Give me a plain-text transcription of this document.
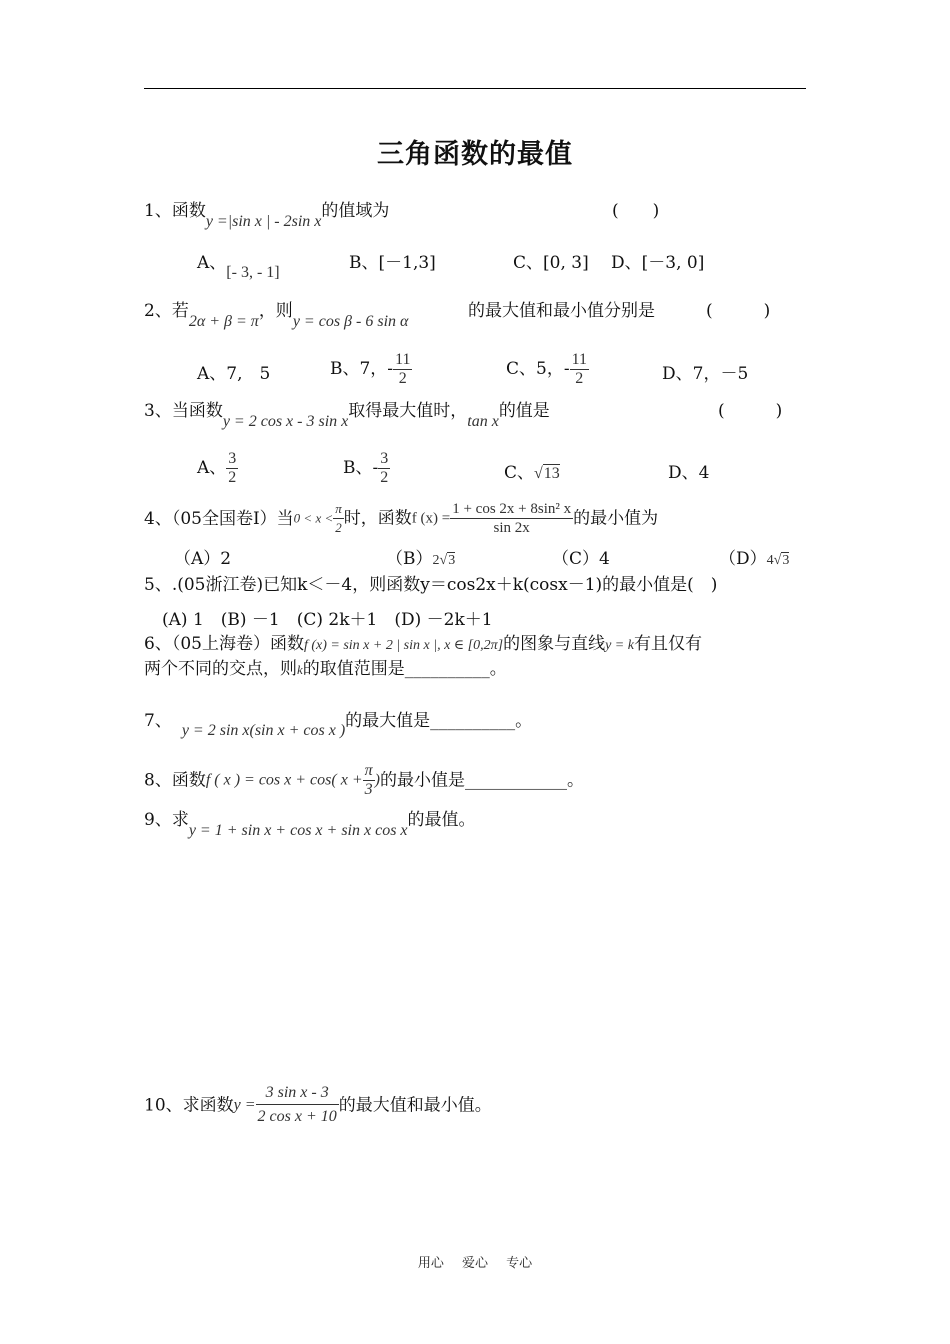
三角函数的最值
1、函数y =|sin x | - 2sin x的值域为	(　　)
A、[- 3, - 1]	B、[－1,3]	C、[0, 3] D、[－3, 0]
2、若2α + β = π，则y = cos β - 6 sin α
的最大值和最小值分别是	(　　　)
A、7,　5	B、7，- $\frac{11}{2}$	C、5，- $\frac{11}{2}$	D、7，－5
3、当函数y = 2 cos x - 3 sin x取得最大值时，tan x的值是	(　　　)
A、 $\frac{3}{2}$	B、- $\frac{3}{2}$	C、√13	D、4
4、（05全国卷Ⅰ）当$0 < x < \frac{\pi}{2}$ 时，函数f $(x) = \frac{\text{1 + cos 2x + 8sin² x}}{\sin 2x}$ 的最小值为
（A）2	（B）2√3	（C）4	（D）4√3
5、.(05浙江卷)已知k＜－4，则函数y＝cos2x＋k(cosx－1)的最小值是(　)
(A) 1　(B) －1　(C) 2k＋1　(D) －2k＋1
6、（05上海卷）函数f (x) = sin x + 2 | sin x |, x ∈ [0,2π]的图象与直线y = k有且仅有
两个不同的交点，则k的取值范围是__________。
7、 y = 2 sin x(sin x + cos x )的最大值是__________。
8、函数f ( x ) = cos x + cos( $x + \frac{\pi}{3}$ )的最小值是____________。
9、求y = 1 + sin x + cos x + sin x cos x的最值。
10、求函数$y = \frac{\text{3 sin x - 3}}{\text{2 cos x + 10}}$ 的最大值和最小值。
用心 爱心 专心
